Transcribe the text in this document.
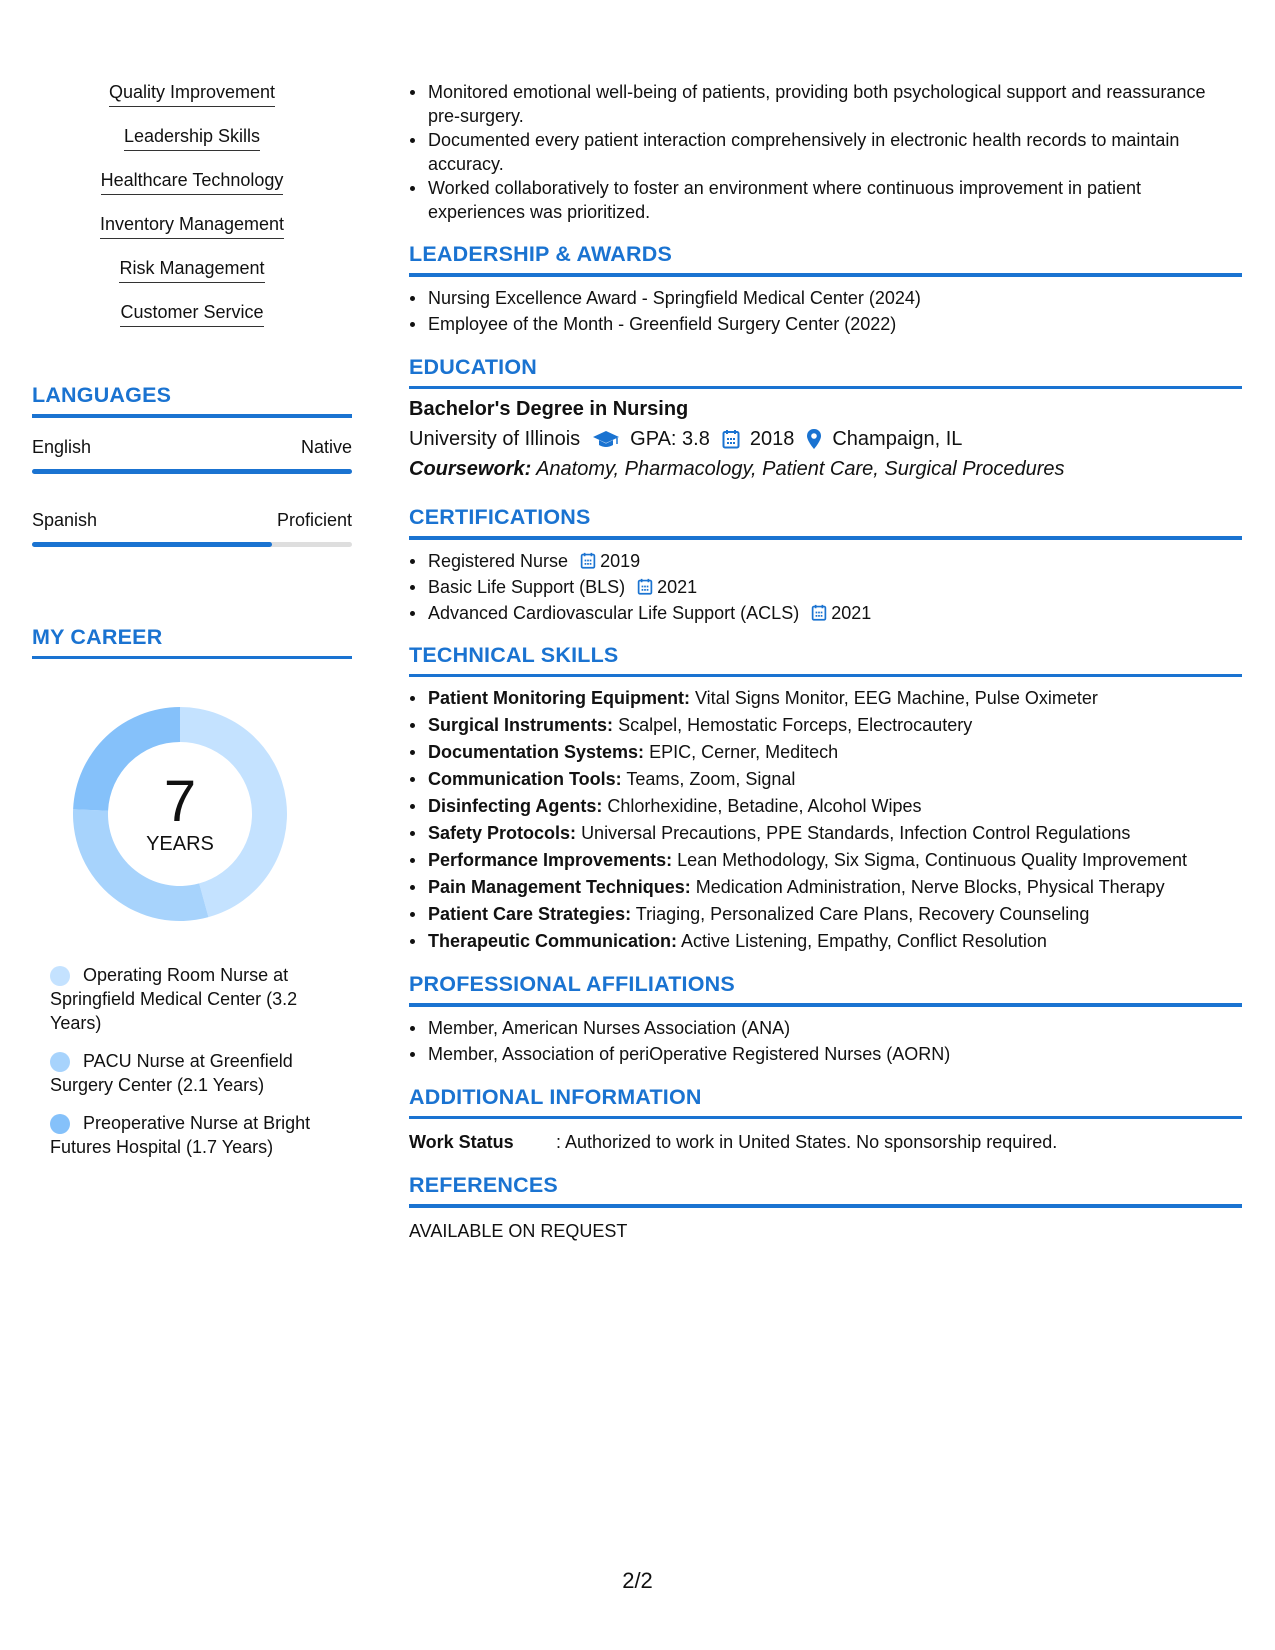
Quality Improvement
Leadership Skills
Healthcare Technology
Inventory Management
Risk Management
Customer Service
LANGUAGES
English	Native
Spanish	Proficient
MY CAREER
7
YEARS
Operating Room Nurse at Springfield Medical Center (3.2 Years)
PACU Nurse at Greenfield Surgery Center (2.1 Years)
Preoperative Nurse at Bright Futures Hospital (1.7 Years)
Monitored emotional well-being of patients, providing both psychological support and reassurance pre-surgery.
Documented every patient interaction comprehensively in electronic health records to maintain accuracy.
Worked collaboratively to foster an environment where continuous improvement in patient experiences was prioritized.
LEADERSHIP & AWARDS
Nursing Excellence Award - Springfield Medical Center (2024)
Employee of the Month - Greenfield Surgery Center (2022)
EDUCATION
Bachelor's Degree in Nursing
University of Illinois	GPA: 3.8 2018 Champaign, IL
Coursework: Anatomy, Pharmacology, Patient Care, Surgical Procedures
CERTIFICATIONS
Registered Nurse 2019
Basic Life Support (BLS) 2021
Advanced Cardiovascular Life Support (ACLS) 2021
TECHNICAL SKILLS
Patient Monitoring Equipment: Vital Signs Monitor, EEG Machine, Pulse Oximeter
Surgical Instruments: Scalpel, Hemostatic Forceps, Electrocautery
Documentation Systems: EPIC, Cerner, Meditech
Communication Tools: Teams, Zoom, Signal
Disinfecting Agents: Chlorhexidine, Betadine, Alcohol Wipes
Safety Protocols: Universal Precautions, PPE Standards, Infection Control Regulations
Performance Improvements: Lean Methodology, Six Sigma, Continuous Quality Improvement
Pain Management Techniques: Medication Administration, Nerve Blocks, Physical Therapy
Patient Care Strategies: Triaging, Personalized Care Plans, Recovery Counseling
Therapeutic Communication: Active Listening, Empathy, Conflict Resolution
PROFESSIONAL AFFILIATIONS
Member, American Nurses Association (ANA)
Member, Association of periOperative Registered Nurses (AORN)
ADDITIONAL INFORMATION
Work Status	: Authorized to work in United States. No sponsorship required.
REFERENCES
AVAILABLE ON REQUEST
2/2
